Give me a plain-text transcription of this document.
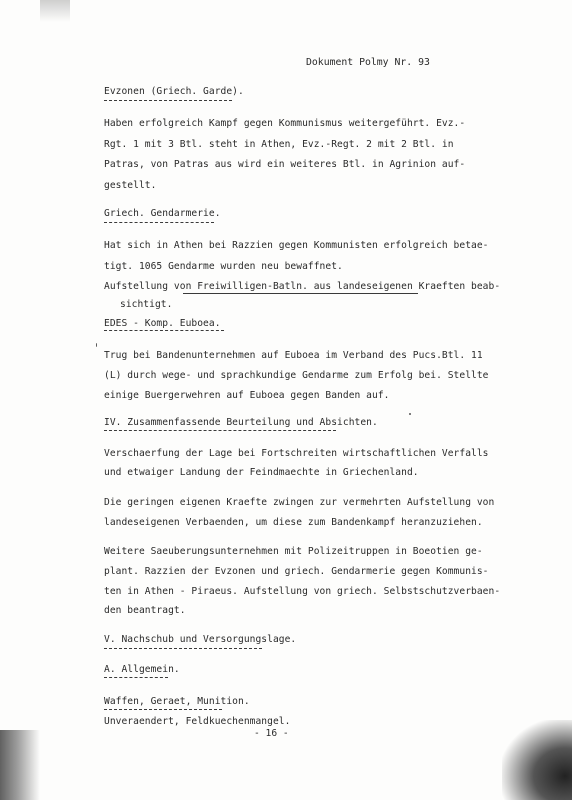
Dokument Polmy Nr. 93
Evzonen (Griech. Garde).
Haben erfolgreich Kampf gegen Kommunismus weitergeführt. Evz.-
Rgt. 1 mit 3 Btl. steht in Athen, Evz.-Regt. 2 mit 2 Btl. in
Patras, von Patras aus wird ein weiteres Btl. in Agrinion auf-
gestellt.
Griech. Gendarmerie.
Hat sich in Athen bei Razzien gegen Kommunisten erfolgreich betae-
tigt. 1065 Gendarme wurden neu bewaffnet.
Aufstellung von Freiwilligen-Batln. aus landeseigenen Kraeften beab-
sichtigt.
EDES - Komp. Euboea.
Trug bei Bandenunternehmen auf Euboea im Verband des Pucs.Btl. 11
(L) durch wege- und sprachkundige Gendarme zum Erfolg bei. Stellte
einige Buergerwehren auf Euboea gegen Banden auf.
IV. Zusammenfassende Beurteilung und Absichten.
Verschaerfung der Lage bei Fortschreiten wirtschaftlichen Verfalls
und etwaiger Landung der Feindmaechte in Griechenland.
Die geringen eigenen Kraefte zwingen zur vermehrten Aufstellung von
landeseigenen Verbaenden, um diese zum Bandenkampf heranzuziehen.
Weitere Saeuberungsunternehmen mit Polizeitruppen in Boeotien ge-
plant. Razzien der Evzonen und griech. Gendarmerie gegen Kommunis-
ten in Athen - Piraeus. Aufstellung von griech. Selbstschutzverbaen-
den beantragt.
V. Nachschub und Versorgungslage.
A. Allgemein.
Waffen, Geraet, Munition.
Unveraendert, Feldkuechenmangel.
- 16 -
